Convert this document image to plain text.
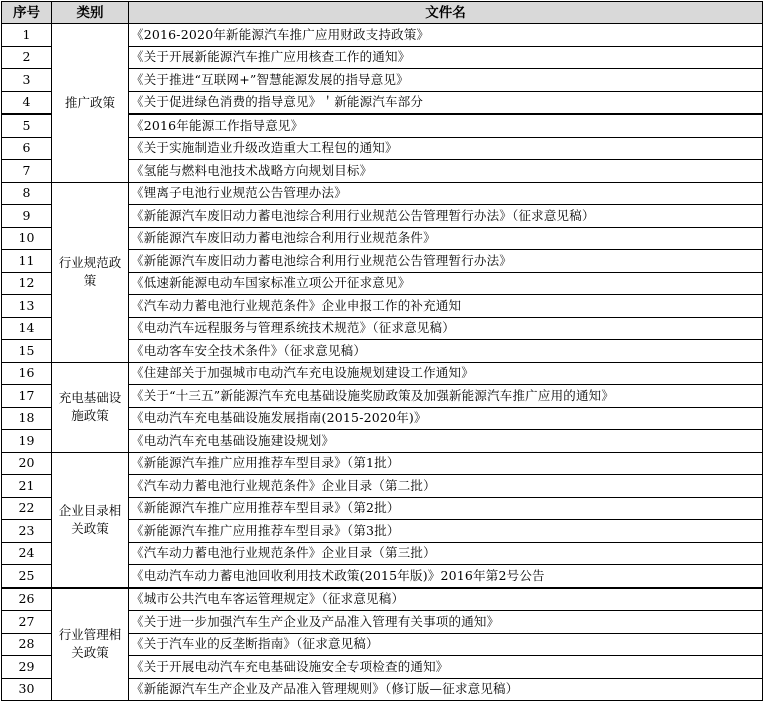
序号	类别	文件名
1	推广政策	《2016-2020年新能源汽车推广应用财政支持政策》
2		《关于开展新能源汽车推广应用核查工作的通知》
3		《关于推进“互联网+”智慧能源发展的指导意见》
4		《关于促进绿色消费的指导意见》＇新能源汽车部分
5		《2016年能源工作指导意见》
6		《关于实施制造业升级改造重大工程包的通知》
7		《氢能与燃料电池技术战略方向规划目标》
8	行业规范政策	《锂离子电池行业规范公告管理办法》
9		《新能源汽车废旧动力蓄电池综合利用行业规范公告管理暂行办法》（征求意见稿）
10		《新能源汽车废旧动力蓄电池综合利用行业规范条件》
11		《新能源汽车废旧动力蓄电池综合利用行业规范公告管理暂行办法》
12		《低速新能源电动车国家标准立项公开征求意见》
13		《汽车动力蓄电池行业规范条件》企业申报工作的补充通知
14		《电动汽车远程服务与管理系统技术规范》（征求意见稿）
15		《电动客车安全技术条件》（征求意见稿）
16	充电基础设施政策	《住建部关于加强城市电动汽车充电设施规划建设工作通知》
17		《关于“十三五”新能源汽车充电基础设施奖励政策及加强新能源汽车推广应用的通知》
18		《电动汽车充电基础设施发展指南(2015-2020年)》
19		《电动汽车充电基础设施建设规划》
20	企业目录相关政策	《新能源汽车推广应用推荐车型目录》（第1批）
21		《汽车动力蓄电池行业规范条件》企业目录（第二批）
22		《新能源汽车推广应用推荐车型目录》（第2批）
23		《新能源汽车推广应用推荐车型目录》（第3批）
24		《汽车动力蓄电池行业规范条件》企业目录（第三批）
25		《电动汽车动力蓄电池回收利用技术政策(2015年版)》2016年第2号公告
26	行业管理相关政策	《城市公共汽电车客运管理规定》（征求意见稿）
27		《关于进一步加强汽车生产企业及产品准入管理有关事项的通知》
28		《关于汽车业的反垄断指南》（征求意见稿）
29		《关于开展电动汽车充电基础设施安全专项检查的通知》
30		《新能源汽车生产企业及产品准入管理规则》（修订版—征求意见稿）
